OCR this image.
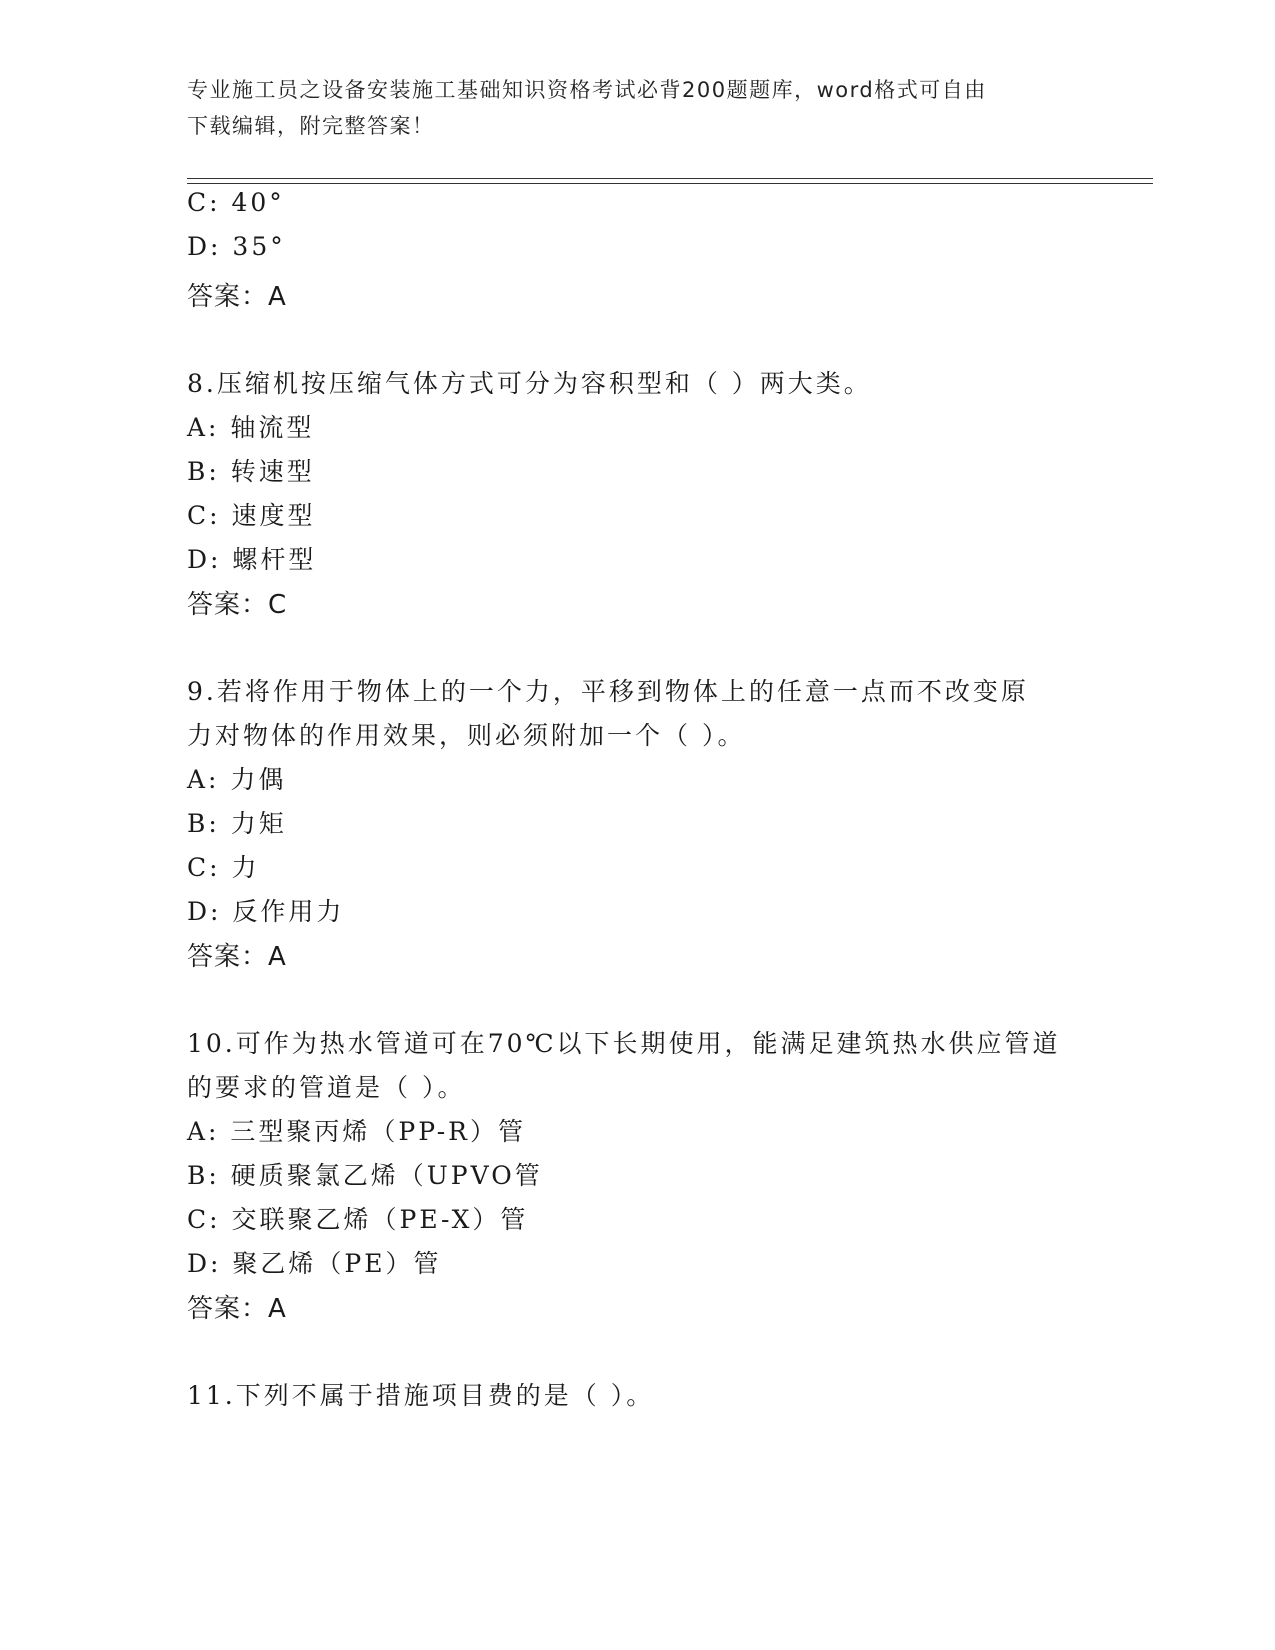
专业施工员之设备安装施工基础知识资格考试必背200题题库，word格式可自由
下载编辑，附完整答案！
C: 40°
D: 35°
答案：A
8.压缩机按压缩气体方式可分为容积型和（ ）两大类。
A: 轴流型
B: 转速型
C: 速度型
D: 螺杆型
答案：C
9.若将作用于物体上的一个力，平移到物体上的任意一点而不改变原
力对物体的作用效果，则必须附加一个（ ）。
A: 力偶
B: 力矩
C: 力
D: 反作用力
答案：A
10.可作为热水管道可在70℃以下长期使用，能满足建筑热水供应管道
的要求的管道是（ ）。
A: 三型聚丙烯（PP-R）管
B: 硬质聚氯乙烯（UPVO管
C: 交联聚乙烯（PE-X）管
D: 聚乙烯（PE）管
答案：A
11.下列不属于措施项目费的是（ ）。
